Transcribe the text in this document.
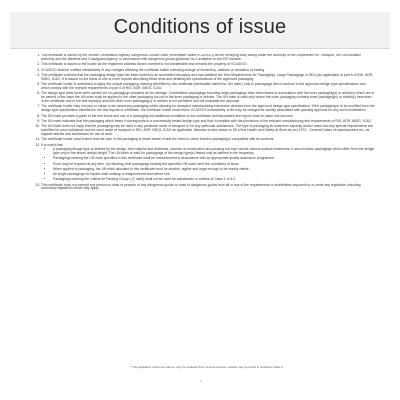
Conditions of issue
1. This certificate is issued by the Vehicle Certification Agency Dangerous Goods Office (hereinafter called VCA/DGO) as the certifying body acting under the authority of the Department for Transport, the Civil Aviation Authority and the Maritime and Coastguard Agency, in accordance with dangerous goods guidance No.2 available on the DfT website.
2. This certificate is issued to the holder as the registered address shown overleaf is not transferable and remains the property of VCA/DGO.
3. VCA/DGO shall be notified immediately of any changes affecting the certificate holder including change of ownership, address or cessation of trading.
4. This certificate confirms that the packaging design type has been tested by an accredited laboratory and has satisfied the Test Requirements for Packagings, Large Packagings or IBCs (as applicable) of part 6 of RID, ADR, IMDG, ICAO. It is issued on the basis of one or more reports describing those tests and detailing the specifications of the approved packaging.
5. The certificate holder is authorised to apply the unique packaging marking identified by this certificate (hereinafter called the 'UN mark') only to packagings which conform to the approved design type specifications and which comply with the relevant requirements of part 6 of RID, ADR, IMDG, ICAO.
6. The design type tests have been carried out on packagings prepared as for carriage. Combination packagings including large packagings have been tested in accordance with the inner packaging(s) or article(s) which are to be carried in this case the UN mark shall be applied to the outer packaging but not to the inner packaging or articles. The UN mark is valid only where the outer packaging contains inner packaging(s) or article(s) described in the certificate and or the test report(s) and with other inner packaging(s) or articles is not permitted and will invalidate the approval.
7. The certificate holder may not vary or cause to be varied any packaging which allowing for accepted manufacturing tolerances deviates from the approved design type specification. If the packaging is to be modified from the design type specification identified in the test reports or certificate, the certificate holder shall inform VCA/DGO immediately. A fee may be charged for activity associated with granting approval for any such modification.
8. The UN mark provides a guide to the test levels and use of a packaging but additional conditions in this certificate and associated test report must be taken into account.
9. The UN mark indicates that the packaging which bears it corresponds to a successfully tested design type and that it complies with the provisions of the relevant manufacturing test requirements of RID, ADR, IMDG, ICAO.
10. The UN mark does not imply that the packaging may be used in any particular mode of transport or for any particular substances. The type of packaging its maximum capacity and/or mass and any special requirements are specified for each substance and for each mode of transport in RID, ADR, IMDG, ICAO as applicable. Attention is also drawn to S6 of the Health and Safety at Work etc Act 1974 - General Duties of manufacturers etc. as regards articles and substances for use at work.
11. The certificate holder must ensure that the user of the packaging is made aware of and the need to check that the packaging is compatible with its contents.
12. It is noted that:
• A packaging design type is defined by the design, test material and thickness, manner of construction and packing but may include various surface treatments. It also includes packagings which differ from the design type only in the lesser design height. The UN mark is valid for packagings of the design type(s) tested only as defined in the frequency.
• Packagings bearing the UN mark specified in this certificate shall be manufactured in accordance with an appropriate quality assurance programme.
• Proof may be required at any time, by retesting, that packagings bearing the specified UN mark meet the conditions of issue.
• When applied to packaging, the UN mark allocated in this certificate must be durable, legible and large enough to be readily visible.
• All single packagings for liquids shall undergo a leakproofness test before use.
• Packagings meeting the criteria for Packing Group I (X mark) shall not be used for substances or articles of Class 1 or 6.2.
13. This certificate does not exempt any person or class of persons or any dangerous goods or class of dangerous goods from all or any of the requirements or prohibitions imposed by or under any legislation including secondary legislation which may apply.
* The legislation referred to above may be obtained from several sources, details may be found in Guidance Note 2.
4
